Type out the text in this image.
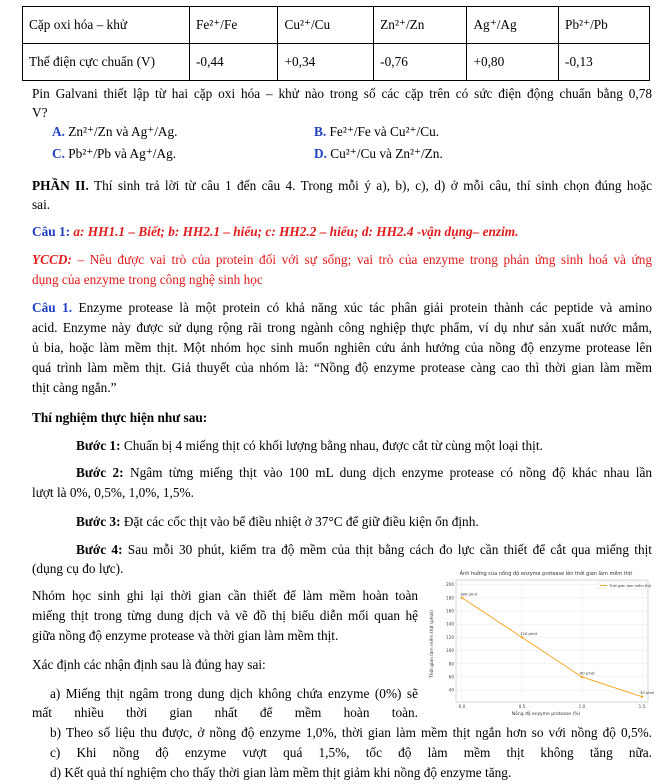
Cặp oxi hóa – khử	Fe²⁺/Fe	Cu²⁺/Cu	Zn²⁺/Zn	Ag⁺/Ag	Pb²⁺/Pb
Thế điện cực chuẩn (V)	-0,44	+0,34	-0,76	+0,80	-0,13
Pin Galvani thiết lập từ hai cặp oxi hóa – khử nào trong số các cặp trên có sức điện động chuẩn bằng 0,78
V?
A. Zn²⁺/Zn và Ag⁺/Ag.	B. Fe²⁺/Fe và Cu²⁺/Cu.
C. Pb²⁺/Pb và Ag⁺/Ag.	D. Cu²⁺/Cu và Zn²⁺/Zn.
PHẦN II. Thí sinh trả lời từ câu 1 đến câu 4. Trong mỗi ý a), b), c), d) ở mỗi câu, thí sinh chọn đúng hoặc
sai.
Câu 1: a: HH1.1 – Biết; b: HH2.1 – hiểu; c: HH2.2 – hiểu; d: HH2.4 -vận dụng– enzim.
YCCD: – Nêu được vai trò của protein đối với sự sống; vai trò của enzyme trong phản ứng sinh hoá và ứng
dụng của enzyme trong công nghệ sinh học
Câu 1. Enzyme protease là một protein có khả năng xúc tác phân giải protein thành các peptide và amino
acid. Enzyme này được sử dụng rộng rãi trong ngành công nghiệp thực phẩm, ví dụ như sản xuất nước mắm,
ủ bia, hoặc làm mềm thịt. Một nhóm học sinh muốn nghiên cứu ảnh hưởng của nồng độ enzyme protease lên
quá trình làm mềm thịt. Giả thuyết của nhóm là: “Nồng độ enzyme protease càng cao thì thời gian làm mềm
thịt càng ngắn.”
Thí nghiệm thực hiện như sau:
Bước 1: Chuẩn bị 4 miếng thịt có khối lượng bằng nhau, được cắt từ cùng một loại thịt.
Bước 2: Ngâm từng miếng thịt vào 100 mL dung dịch enzyme protease có nồng độ khác nhau lần
lượt là 0%, 0,5%, 1,0%, 1,5%.
Bước 3: Đặt các cốc thịt vào bể điều nhiệt ở 37°C để giữ điều kiện ổn định.
Bước 4: Sau mỗi 30 phút, kiểm tra độ mềm của thịt bằng cách đo lực cần thiết để cắt qua miếng thịt
(dụng cụ đo lực).
Nhóm học sinh ghi lại thời gian cần thiết để làm mềm hoàn toàn
miếng thịt trong từng dung dịch và vẽ đồ thị biểu diễn mối quan hệ
giữa nồng độ enzyme protease và thời gian làm mềm thịt.
Xác định các nhận định sau là đúng hay sai:
a) Miếng thịt ngâm trong dung dịch không chứa enzyme (0%) sẽ
mất nhiều thời gian nhất để mềm hoàn toàn.
b) Theo số liệu thu được, ở nồng độ enzyme 1,0%, thời gian làm mềm thịt ngắn hơn so với nồng độ 0,5%.
c) Khi nồng độ enzyme vượt quá 1,5%, tốc độ làm mềm thịt không tăng nữa.
d) Kết quả thí nghiệm cho thấy thời gian làm mềm thịt giảm khi nồng độ enzyme tăng.
Ảnh hưởng của nồng độ enzyme protease lên thời gian làm mềm thịt
Thời gian làm mềm thịt (phút)
Nồng độ enzyme protease (%)
40
60
80
100
120
140
160
180
200
0.0	0.5	1.0	1.5
180 phút
120 phút
60 phút
30 phút
Thời gian làm mềm thịt
